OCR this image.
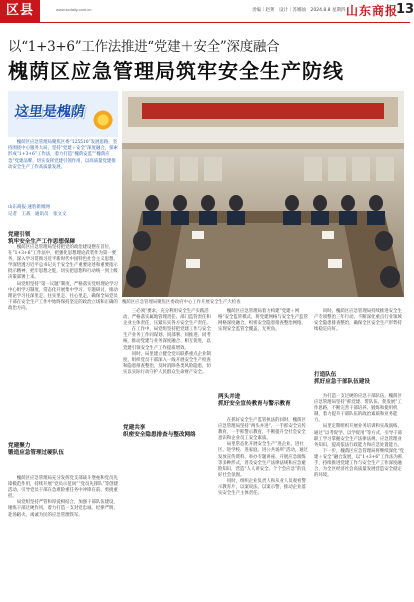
区县	www.sxdaily.com.cn	责编｜赵莠　设计｜苏娜仙　2024.8.8 星期四 山东商报
13
以“1+3+6”工作法推进“党建＋安全”深度融合
槐荫区应急管理局筑牢安全生产防线
这里是槐荫

槐荫区应急管理局聚焦区委“125510”发展思路，坚持围绕中心服务大局，坚持“党建＋安全”深度融合，探索形成“1+3+6”工作法，着力打造“槐荫安监”“槐荫应急”党建品牌，切实发挥党建引领作用，以高质量党建推动安全生产工作高质量发展。

山东商报·速豹新闻网
记者　王战　通讯员　张文文
槐荫区应急管理局聚焦区委政府中心工作开展安全生产大检查
党建引领
筑牢安全生产工作思想保障

槐荫区应急管理局坚持把党的政治建设摆在首位，在“1+3+6”工作法中，把强化思想理论武装作为第一要务，深入学习贯彻习近平新时代中国特色社会主义思想，学深悟透习近平总书记关于安全生产重要论述和重要指示批示精神，把牢思想之舵，切实把思想和行动统一到上级决策部署上来。

局党组坚持“第一议题”制度，严格落实党组理论学习中心组学习制度，常态化开展集中学习、专题研讨，推动理论学习往深里走、往实里走、往心里走，确保全局党员干部在安全生产工作中始终保持坚定的政治立场和正确的政治方向。

党建聚力
锻造应急管理过硬队伍

槐荫区应急管理局充分发挥党支部战斗堡垒和党员先锋模范作用，持续开展“党员示范岗”“党员先锋队”等创建活动，引导党员干部在急难险重任务中冲锋在前、勇挑重担。

局党组坚持严管和厚爱相结合，加强干部队伍建设，锤炼干部过硬作风，着力打造一支对党忠诚、纪律严明、赴汤蹈火、竭诚为民的应急管理铁军。

三必须”要求，充分利用安全生产实践活动，严格落实属地管理责任、部门监管责任和企业主体责任，压紧压实各方安全生产责任。

在工作中，局党组坚持把党建工作与安全生产业务工作同谋划、同部署、同推进、同考核，推动党建与业务深度融合、相互促进，以党建引领安全生产工作提质增效。

同时，局里建立健全党员联系重点企业制度，组织党员干部深入一线开展安全生产检查和隐患排查整治，及时消除各类风险隐患，切实以实际行动守护人民群众生命财产安全。

党建共享
织密安全隐患排查与整改网络

槐荫区应急管理局着力构建“党建＋网格”安全监管模式，将党建网格与安全生产监管网格深度融合，织密安全隐患排查整治网络，实现安全监管全覆盖、无死角。

两头并进
抓好安全宣传教育与警示教育

在抓好安全生产监管执法的同时，槐荫区应急管理局坚持“两头并进”，一手抓安全宣传教育，一手抓警示教育，不断提升全社会安全意识和企业员工安全素质。

局里常态化开展安全生产“进企业、进社区、进学校、进家庭、进公共场所”活动，通过发放宣传资料、举办专题讲座、开展应急演练等多种形式，普及安全生产法律法规和应急避险知识，营造“人人讲安全、个个会应急”的良好社会氛围。

同时，组织企业负责人和从业人员观看警示教育片，以案说法、以案示警，推动企业落实安全生产主体责任。

同时，槐荫区应急管理局持续推进安全生产专项整治三年行动，不断深化重点行业领域安全隐患排查整治，确保全区安全生产形势持续稳定向好。

打造队伍
抓好应急干部队伍建设

为打造一支过硬的应急干部队伍，槐荫区应急管理局坚持“抓党建、带队伍、促发展”工作思路，不断完善干部培养、锻炼和使用机制，着力提升干部队伍的政治素质和业务能力。

局里定期组织开展业务培训和实战演练，通过“以考促学、以学促用”等方式，引导干部职工学习掌握安全生产法律法规、应急管理业务知识，提高依法行政能力和应急处置能力。

下一步，槐荫区应急管理局将继续深化“党建＋安全”融合发展，以“1+3+6”工作法为抓手，持续推进党建工作与安全生产工作深度融合，为全区经济社会高质量发展营造安全稳定的环境。
